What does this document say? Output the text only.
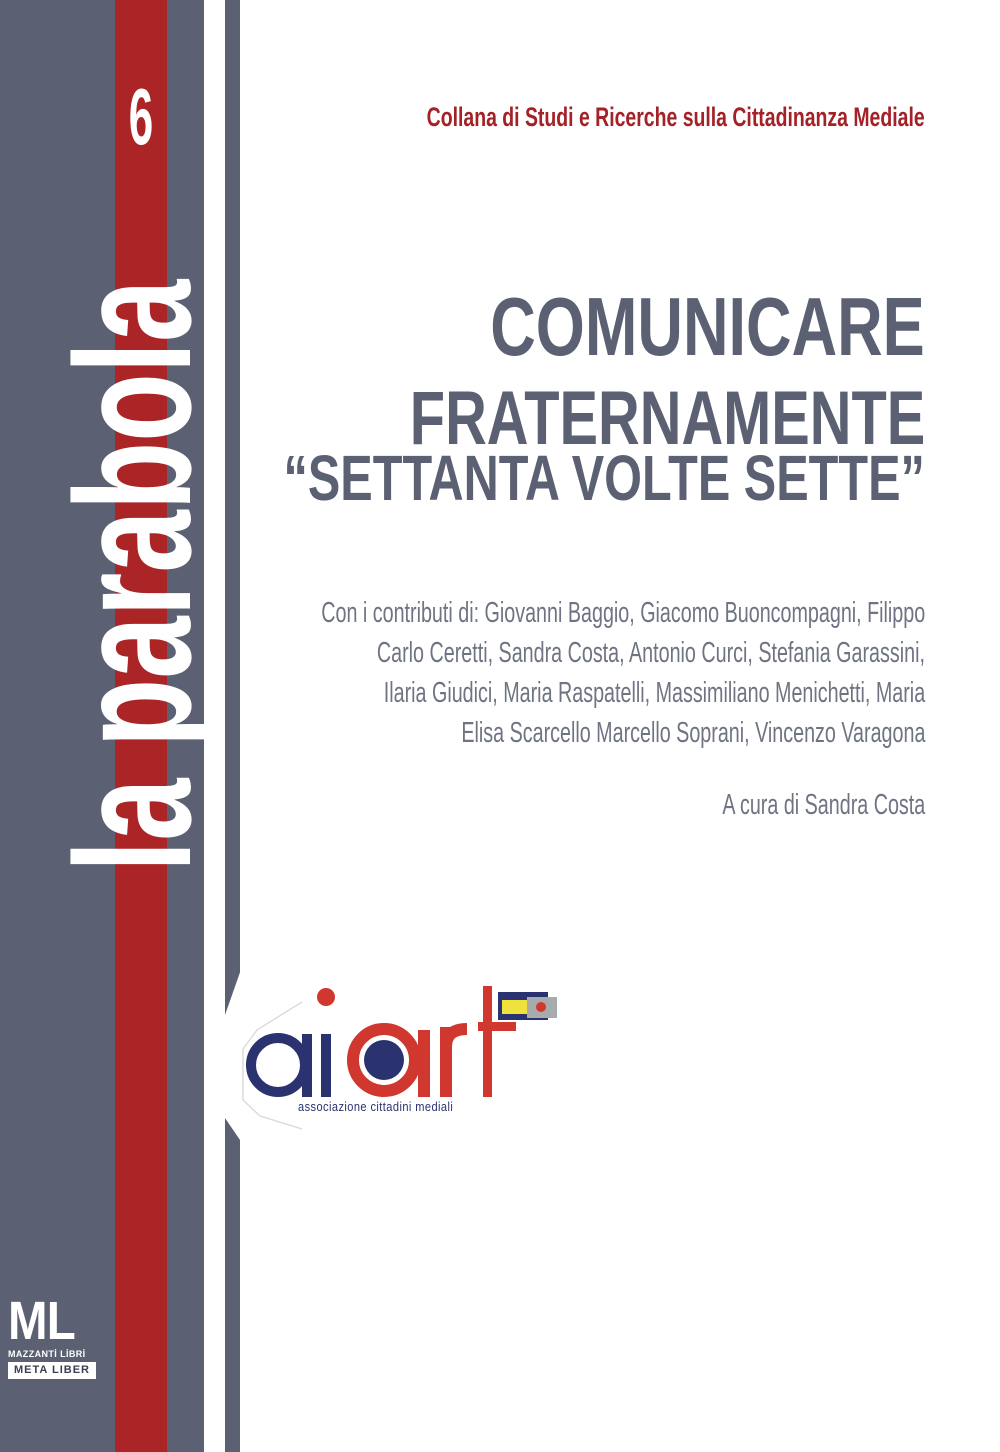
6
la parabola
ML
MAZZANTİ LİBRİ
META LIBER
Collana di Studi e Ricerche sulla Cittadinanza Mediale
COMUNICARE
FRATERNAMENTE
“SETTANTA VOLTE SETTE”
Con i contributi di: Giovanni Baggio, Giacomo Buoncompagni, Filippo
Carlo Ceretti, Sandra Costa, Antonio Curci, Stefania Garassini,
Ilaria Giudici, Maria Raspatelli, Massimiliano Menichetti, Maria
Elisa Scarcello Marcello Soprani, Vincenzo Varagona
A cura di Sandra Costa
associazione cittadini mediali
